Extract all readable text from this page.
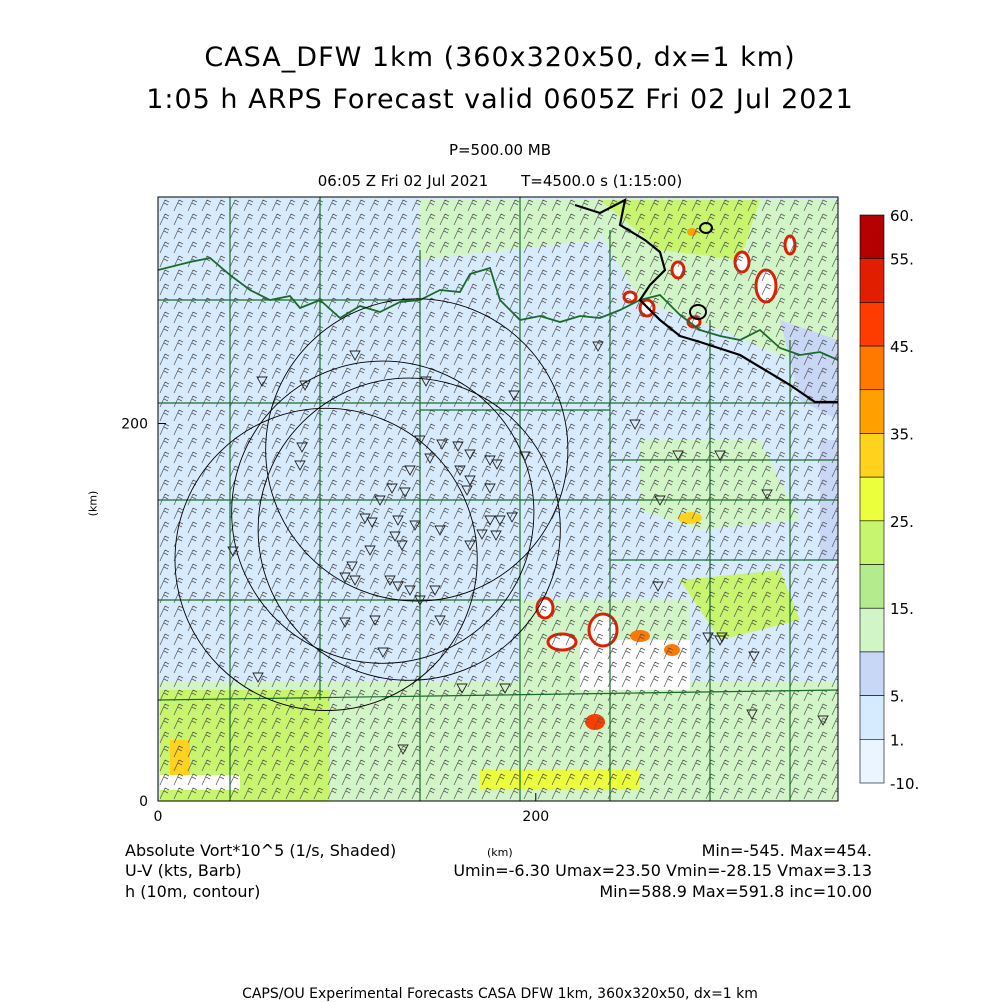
CASA_DFW 1km (360x320x50, dx=1 km)
1:05 h ARPS Forecast valid 0605Z Fri 02 Jul 2021
P=500.00 MB
06:05 Z Fri 02 Jul 2021 T=4500.0 s (1:15:00)
0	200
0
200
60.
55.
45.
35.
25.
15.
5.
1.
-10.
Absolute Vort*10^5 (1/s, Shaded)
U-V (kts, Barb)
h (10m, contour)
Min=-545. Max=454.
Umin=-6.30 Umax=23.50 Vmin=-28.15 Vmax=3.13
Min=588.9 Max=591.8 inc=10.00
(km)
(km)
CAPS/OU Experimental Forecasts CASA DFW 1km, 360x320x50, dx=1 km
